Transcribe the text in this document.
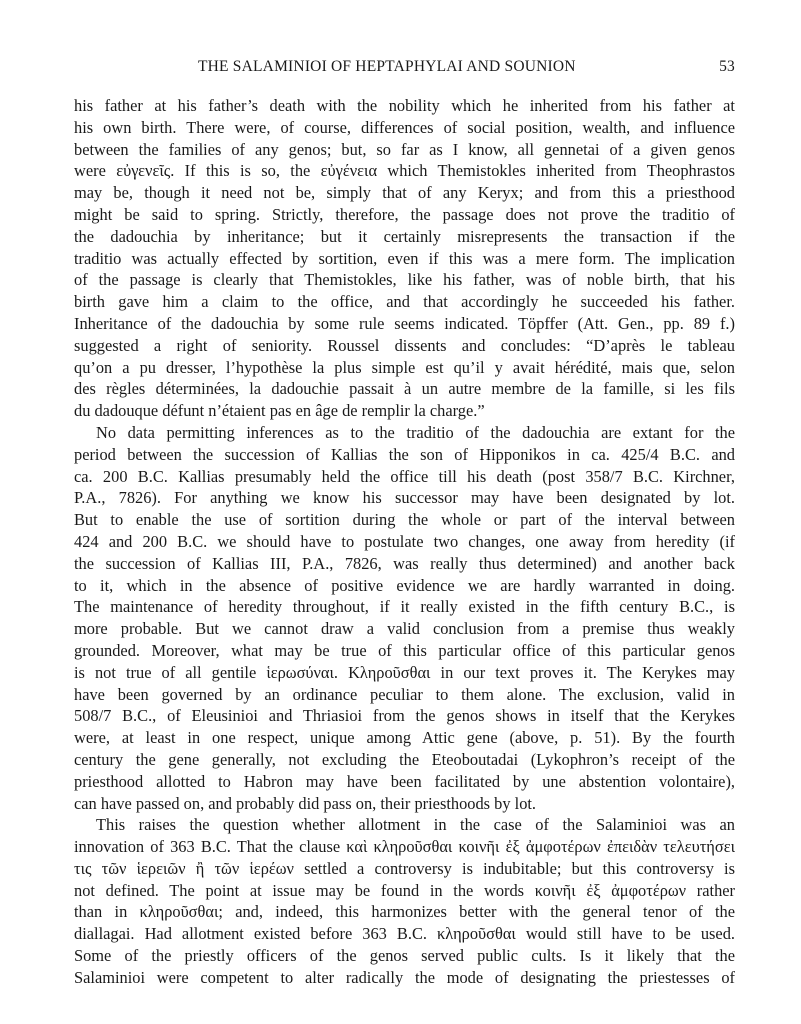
THE SALAMINIOI OF HEPTAPHYLAI AND SOUNION	53
his father at his father’s death with the nobility which he inherited from his father at
his own birth. There were, of course, differences of social position, wealth, and influence
between the families of any genos; but, so far as I know, all gennetai of a given genos
were εὐγενεῖς. If this is so, the εὐγένεια which Themistokles inherited from Theophrastos
may be, though it need not be, simply that of any Keryx; and from this a priesthood
might be said to spring. Strictly, therefore, the passage does not prove the traditio of
the dadouchia by inheritance; but it certainly misrepresents the transaction if the
traditio was actually effected by sortition, even if this was a mere form. The implication
of the passage is clearly that Themistokles, like his father, was of noble birth, that his
birth gave him a claim to the office, and that accordingly he succeeded his father.
Inheritance of the dadouchia by some rule seems indicated. Töpffer (Att. Gen., pp. 89 f.)
suggested a right of seniority. Roussel dissents and concludes: “D’après le tableau
qu’on a pu dresser, l’hypothèse la plus simple est qu’il y avait hérédité, mais que, selon
des règles déterminées, la dadouchie passait à un autre membre de la famille, si les fils
du dadouque défunt n’étaient pas en âge de remplir la charge.”
No data permitting inferences as to the traditio of the dadouchia are extant for the
period between the succession of Kallias the son of Hipponikos in ca. 425/4 B.C. and
ca. 200 B.C. Kallias presumably held the office till his death (post 358/7 B.C. Kirchner,
P.A., 7826). For anything we know his successor may have been designated by lot.
But to enable the use of sortition during the whole or part of the interval between
424 and 200 B.C. we should have to postulate two changes, one away from heredity (if
the succession of Kallias III, P.A., 7826, was really thus determined) and another back
to it, which in the absence of positive evidence we are hardly warranted in doing.
The maintenance of heredity throughout, if it really existed in the fifth century B.C., is
more probable. But we cannot draw a valid conclusion from a premise thus weakly
grounded. Moreover, what may be true of this particular office of this particular genos
is not true of all gentile ἱερωσύναι. Κληροῦσθαι in our text proves it. The Kerykes may
have been governed by an ordinance peculiar to them alone. The exclusion, valid in
508/7 B.C., of Eleusinioi and Thriasioi from the genos shows in itself that the Kerykes
were, at least in one respect, unique among Attic gene (above, p. 51). By the fourth
century the gene generally, not excluding the Eteoboutadai (Lykophron’s receipt of the
priesthood allotted to Habron may have been facilitated by une abstention volontaire),
can have passed on, and probably did pass on, their priesthoods by lot.
This raises the question whether allotment in the case of the Salaminioi was an
innovation of 363 B.C. That the clause καὶ κληροῦσθαι κοινῆι ἐξ ἀμφοτέρων ἐπειδὰν τελευτήσει
τις τῶν ἱερειῶν ἢ τῶν ἱερέων settled a controversy is indubitable; but this controversy is
not defined. The point at issue may be found in the words κοινῆι ἐξ ἀμφοτέρων rather
than in κληροῦσθαι; and, indeed, this harmonizes better with the general tenor of the
diallagai. Had allotment existed before 363 B.C. κληροῦσθαι would still have to be used.
Some of the priestly officers of the genos served public cults. Is it likely that the
Salaminioi were competent to alter radically the mode of designating the priestesses of
